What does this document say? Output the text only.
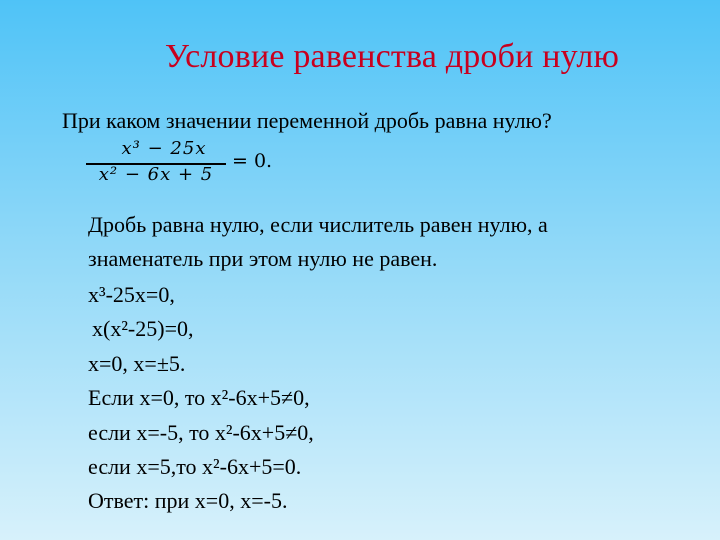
Условие равенства дроби нулю
При каком значении переменной дробь равна нулю?
x³ − 25x
x² − 6x + 5
= 0.
Дробь равна нулю, если числитель равен нулю, а
знаменатель при этом нулю не равен.
x³-25x=0,
x(x²-25)=0,
x=0, x=±5.
Если x=0, то x²-6x+5≠0,
если x=-5, то x²-6x+5≠0,
если x=5,то x²-6x+5=0.
Ответ: при x=0, x=-5.
